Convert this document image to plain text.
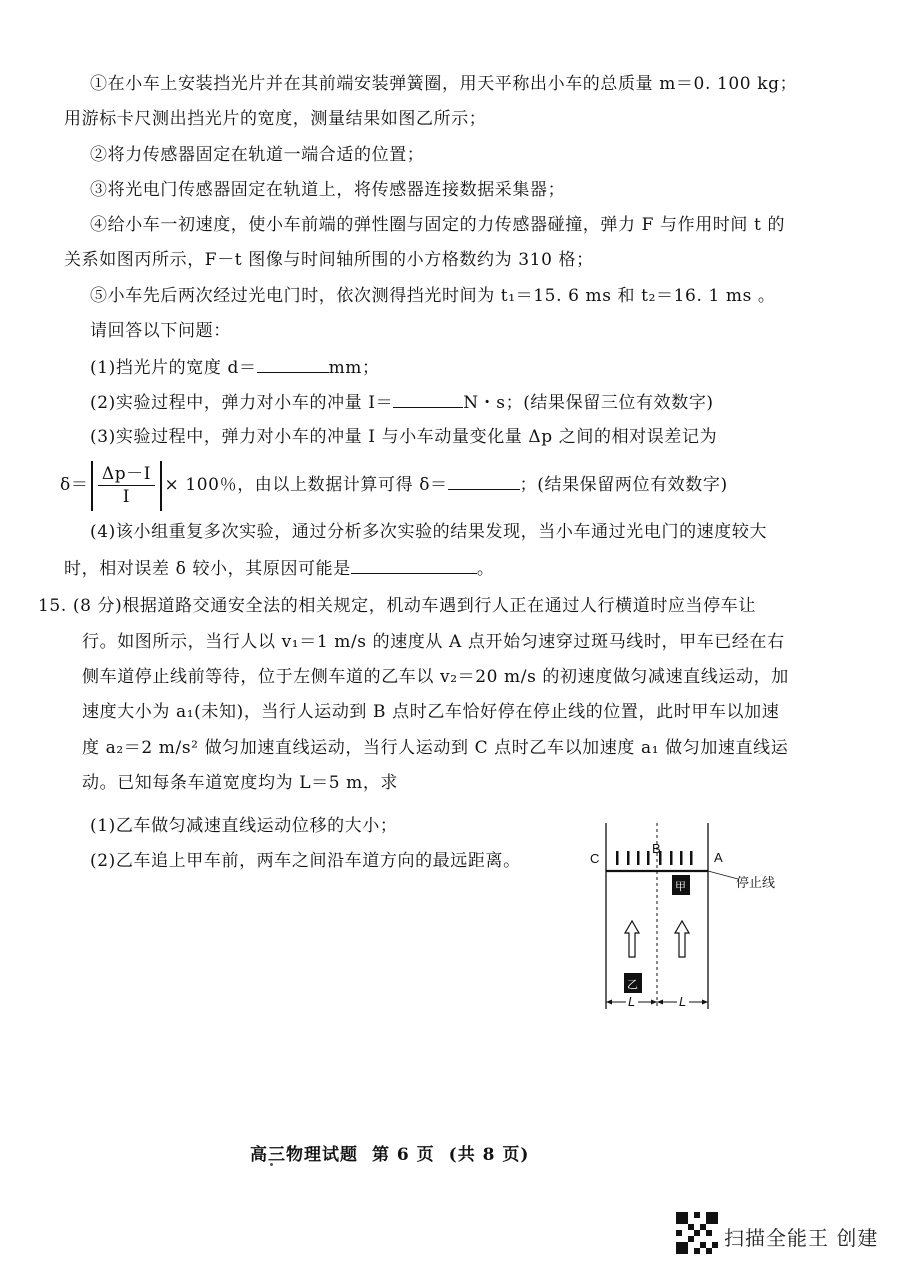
①在小车上安装挡光片并在其前端安装弹簧圈，用天平称出小车的总质量 m＝0. 100 kg；
用游标卡尺测出挡光片的宽度，测量结果如图乙所示；
②将力传感器固定在轨道一端合适的位置；
③将光电门传感器固定在轨道上，将传感器连接数据采集器；
④给小车一初速度，使小车前端的弹性圈与固定的力传感器碰撞，弹力 F 与作用时间 t 的
关系如图丙所示，F－t 图像与时间轴所围的小方格数约为 310 格；
⑤小车先后两次经过光电门时，依次测得挡光时间为 t₁＝15. 6 ms 和 t₂＝16. 1 ms 。
请回答以下问题：
(1)挡光片的宽度 d＝	mm；
(2)实验过程中，弹力对小车的冲量 I＝	N・s；(结果保留三位有效数字)
(3)实验过程中，弹力对小车的冲量 I 与小车动量变化量 Δp 之间的相对误差记为
$\delta= \frac{\Delta p-I}{I} \times 100$％，由以上数据计算可得 δ＝	；(结果保留两位有效数字)
(4)该小组重复多次实验，通过分析多次实验的结果发现，当小车通过光电门的速度较大
时，相对误差 δ 较小，其原因可能是	。
15. (8 分)根据道路交通安全法的相关规定，机动车遇到行人正在通过人行横道时应当停车让
行。如图所示，当行人以 v₁＝1 m/s 的速度从 A 点开始匀速穿过斑马线时，甲车已经在右
侧车道停止线前等待，位于左侧车道的乙车以 v₂＝20 m/s 的初速度做匀减速直线运动，加
速度大小为 a₁(未知)，当行人运动到 B 点时乙车恰好停在停止线的位置，此时甲车以加速
度 a₂＝2 m/s² 做匀加速直线运动，当行人运动到 C 点时乙车以加速度 a₁ 做匀加速直线运
动。已知每条车道宽度均为 L＝5 m，求
(1)乙车做匀减速直线运动位移的大小；
(2)乙车追上甲车前，两车之间沿车道方向的最远距离。	C
B
A
停止线
甲
乙
L	L
高三物理试题 第 6 页 (共 8 页)
扫描全能王 创建
